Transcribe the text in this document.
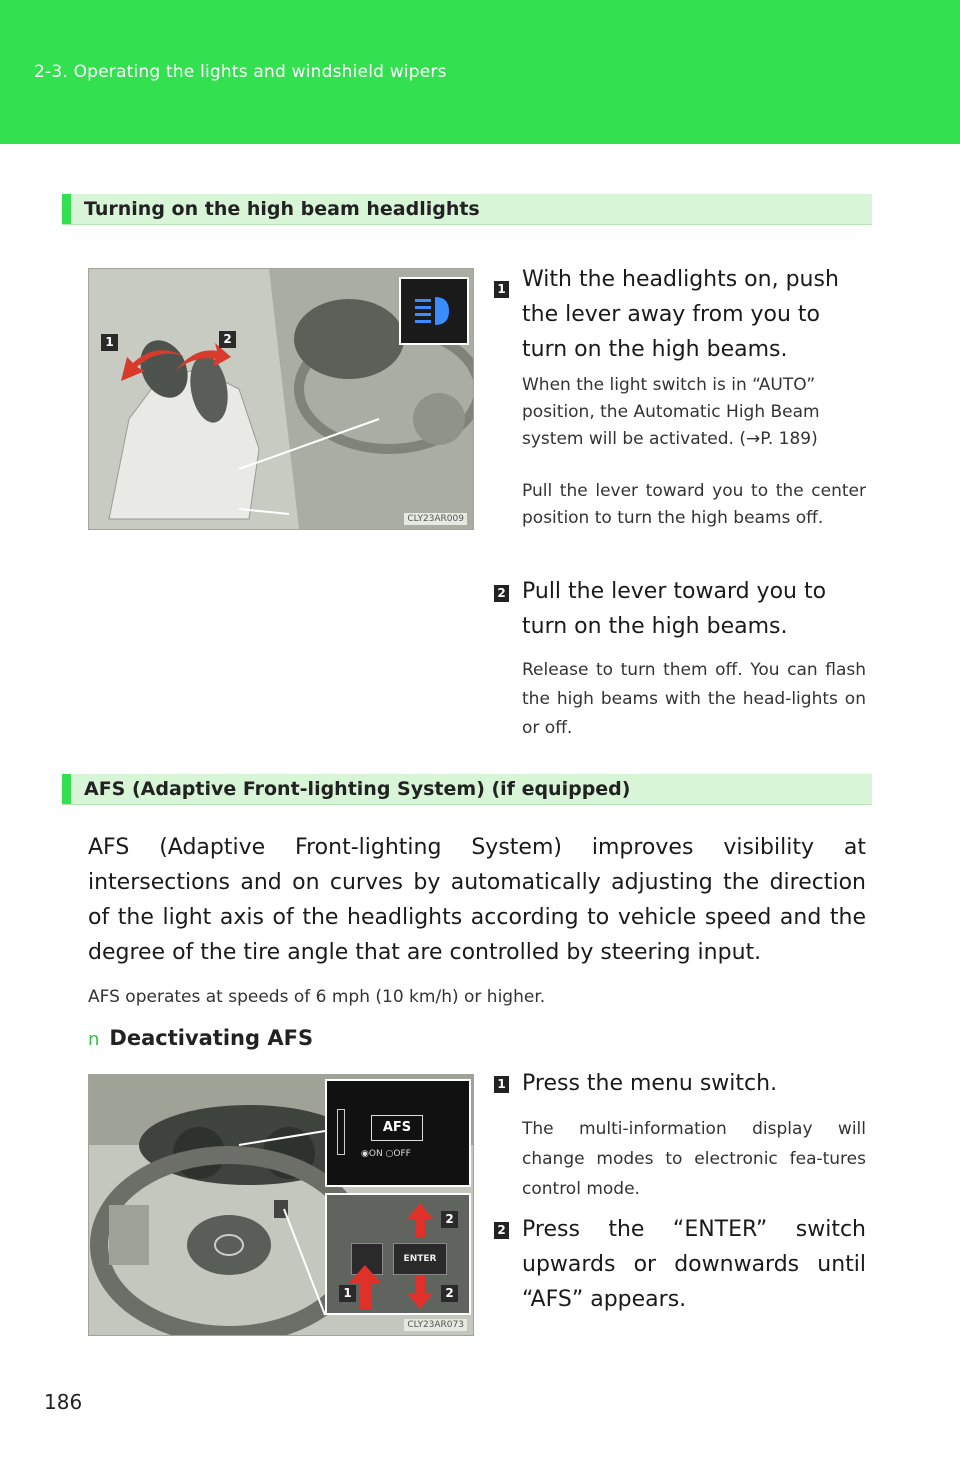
2-3. Operating the lights and windshield wipers
Turning on the high beam headlights
1	2
CLY23AR009
1 With the headlights on, push the lever away from you to turn on the high beams.
When the light switch is in “AUTO” position, the Automatic High Beam system will be activated. (→P. 189)
Pull the lever toward you to the center position to turn the high beams off.
2 Pull the lever toward you to turn on the high beams.
Release to turn them off. You can flash the high beams with the head-lights on or off.
AFS (Adaptive Front-lighting System) (if equipped)
AFS (Adaptive Front-lighting System) improves visibility at intersections and on curves by automatically adjusting the direction of the light axis of the headlights according to vehicle speed and the degree of the tire angle that are controlled by steering input.
AFS operates at speeds of 6 mph (10 km/h) or higher.
n Deactivating AFS
AFS
◉ON ○OFF
ENTER
1
2
2
CLY23AR073
1 Press the menu switch.
The multi-information display will change modes to electronic fea-tures control mode.
2 Press the “ENTER” switch upwards or downwards until “AFS” appears.
186
